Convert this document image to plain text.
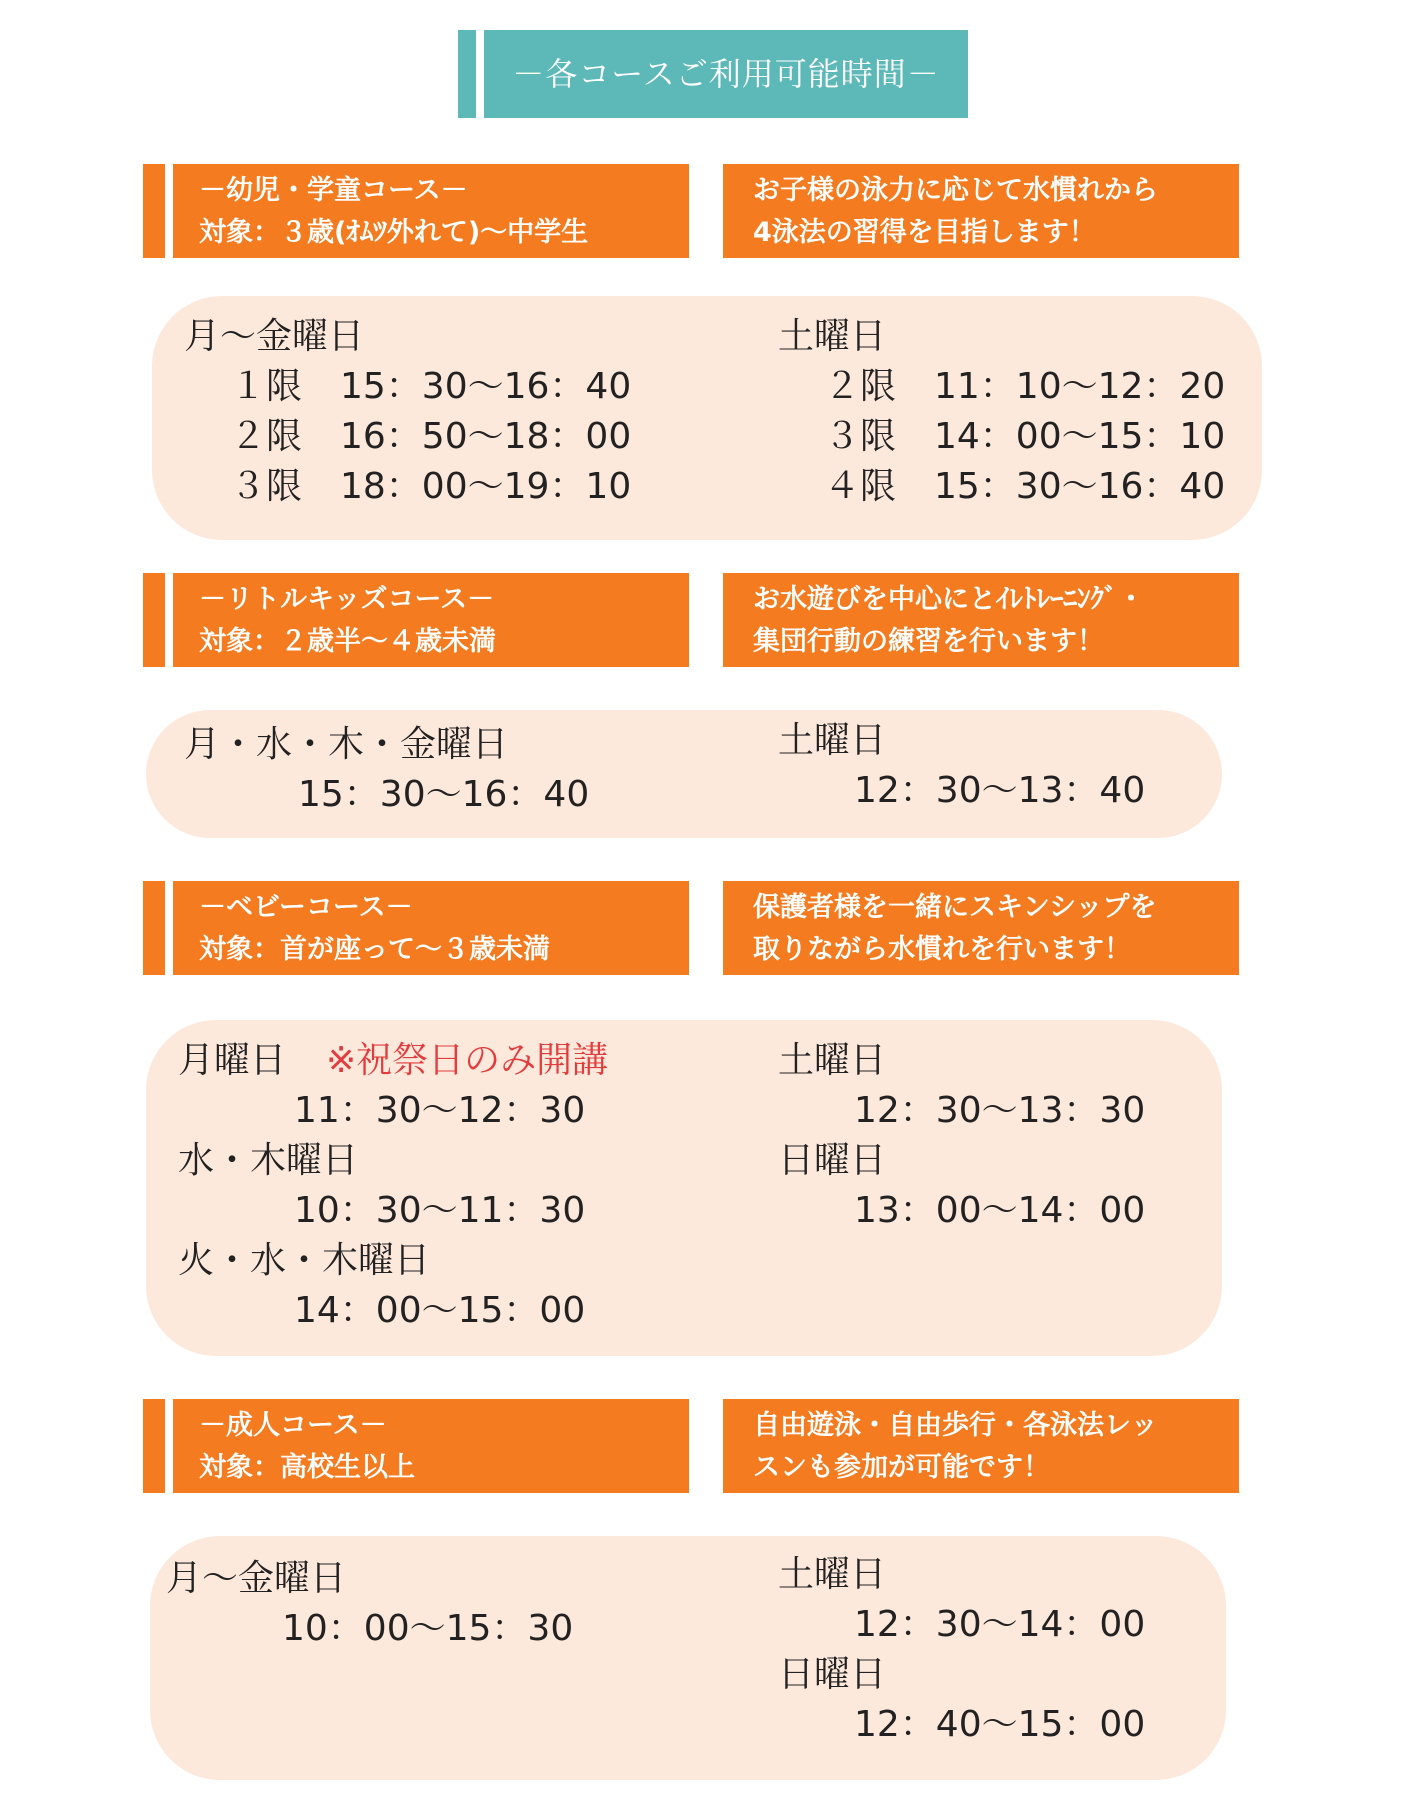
－各コースご利用可能時間－
－幼児・学童コース－
対象：３歳(ｵﾑﾂ外れて)～中学生
お子様の泳力に応じて水慣れから
4泳法の習得を目指します！
月～金曜日
１限 15：30～16：40
２限 16：50～18：00
３限 18：00～19：10
土曜日
２限 11：10～12：20
３限 14：00～15：10
４限 15：30～16：40
－リトルキッズコース－
対象：２歳半～４歳未満
お水遊びを中心にとｲﾚﾄﾚｰﾆﾝｸﾞ・
集団行動の練習を行います！
月・水・木・金曜日
15：30～16：40
土曜日
12：30～13：40
－ベビーコース－
対象：首が座って～３歳未満
保護者様を一緒にスキンシップを
取りながら水慣れを行います！
月曜日 ※祝祭日のみ開講
11：30～12：30
水・木曜日
10：30～11：30
火・水・木曜日
14：00～15：00
土曜日
12：30～13：30
日曜日
13：00～14：00
－成人コース－
対象：高校生以上
自由遊泳・自由歩行・各泳法レッ
スンも参加が可能です！
月～金曜日
10：00～15：30
土曜日
12：30～14：00
日曜日
12：40～15：00
